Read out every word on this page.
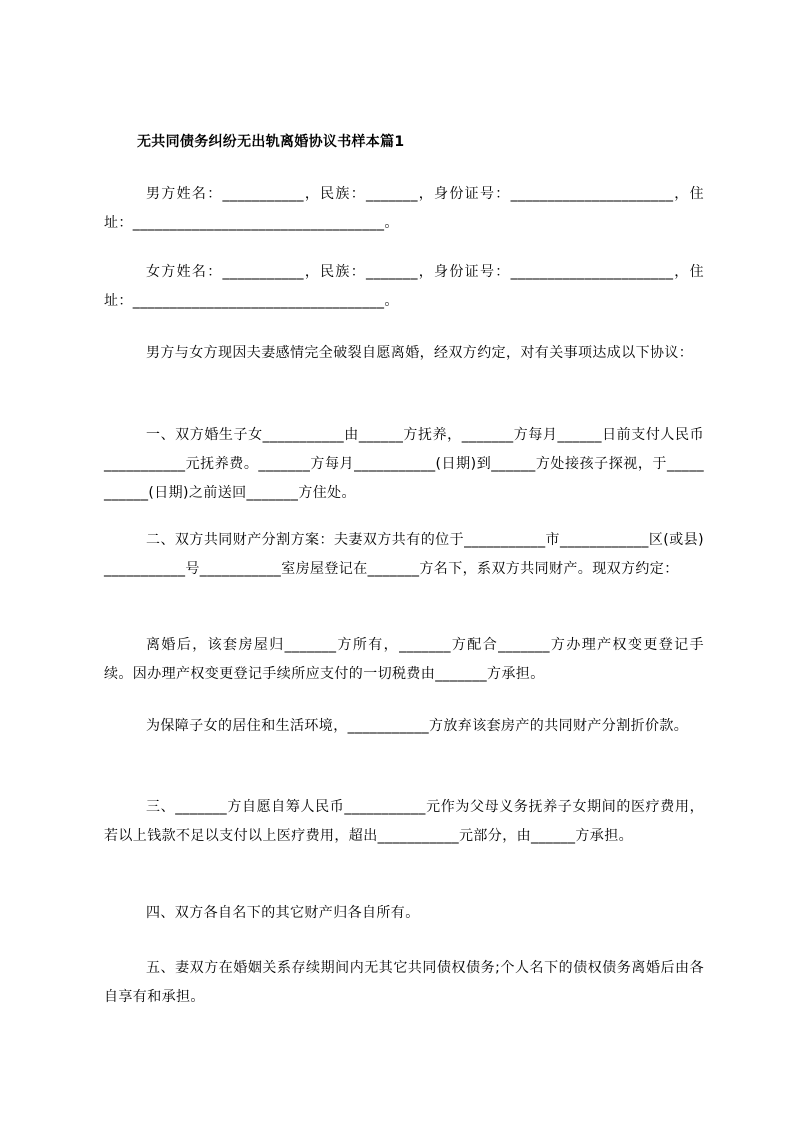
无共同债务纠纷无出轨离婚协议书样本篇1
男方姓名：___________，民族：_______，身份证号：______________________，住址：__________________________________。
女方姓名：___________，民族：_______，身份证号：______________________，住址：__________________________________。
男方与女方现因夫妻感情完全破裂自愿离婚，经双方约定，对有关事项达成以下协议：
一、双方婚生子女___________由______方抚养，_______方每月______日前支付人民币___________元抚养费。_______方每月___________(日期)到______方处接孩子探视，于___________(日期)之前送回_______方住处。
二、双方共同财产分割方案：夫妻双方共有的位于___________市____________区(或县)___________号___________室房屋登记在_______方名下，系双方共同财产。现双方约定：
离婚后，该套房屋归_______方所有，_______方配合_______方办理产权变更登记手续。因办理产权变更登记手续所应支付的一切税费由_______方承担。
为保障子女的居住和生活环境，___________方放弃该套房产的共同财产分割折价款。
三、_______方自愿自筹人民币___________元作为父母义务抚养子女期间的医疗费用，若以上钱款不足以支付以上医疗费用，超出___________元部分，由______方承担。
四、双方各自名下的其它财产归各自所有。
五、妻双方在婚姻关系存续期间内无其它共同债权债务;个人名下的债权债务离婚后由各自享有和承担。
